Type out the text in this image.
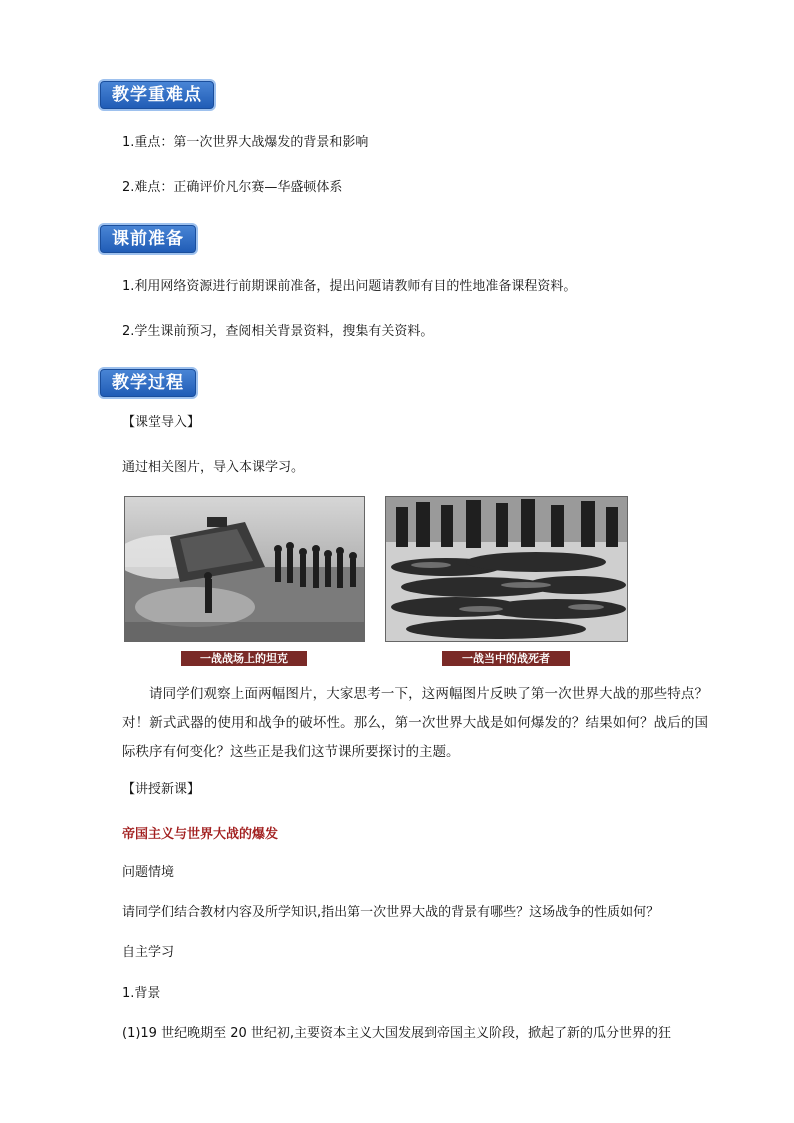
教学重难点
1.重点：第一次世界大战爆发的背景和影响
2.难点：正确评价凡尔赛—华盛顿体系
课前准备
1.利用网络资源进行前期课前准备，提出问题请教师有目的性地准备课程资料。
2.学生课前预习，查阅相关背景资料，搜集有关资料。
教学过程
【课堂导入】
通过相关图片，导入本课学习。
一战战场上的坦克	一战当中的战死者
请同学们观察上面两幅图片，大家思考一下，这两幅图片反映了第一次世界大战的那些特点？对！新式武器的使用和战争的破坏性。那么，第一次世界大战是如何爆发的？结果如何？战后的国际秩序有何变化？这些正是我们这节课所要探讨的主题。
【讲授新课】
帝国主义与世界大战的爆发
问题情境
请同学们结合教材内容及所学知识,指出第一次世界大战的背景有哪些？这场战争的性质如何？
自主学习
1.背景
(1)19 世纪晚期至 20 世纪初,主要资本主义大国发展到帝国主义阶段，掀起了新的瓜分世界的狂
